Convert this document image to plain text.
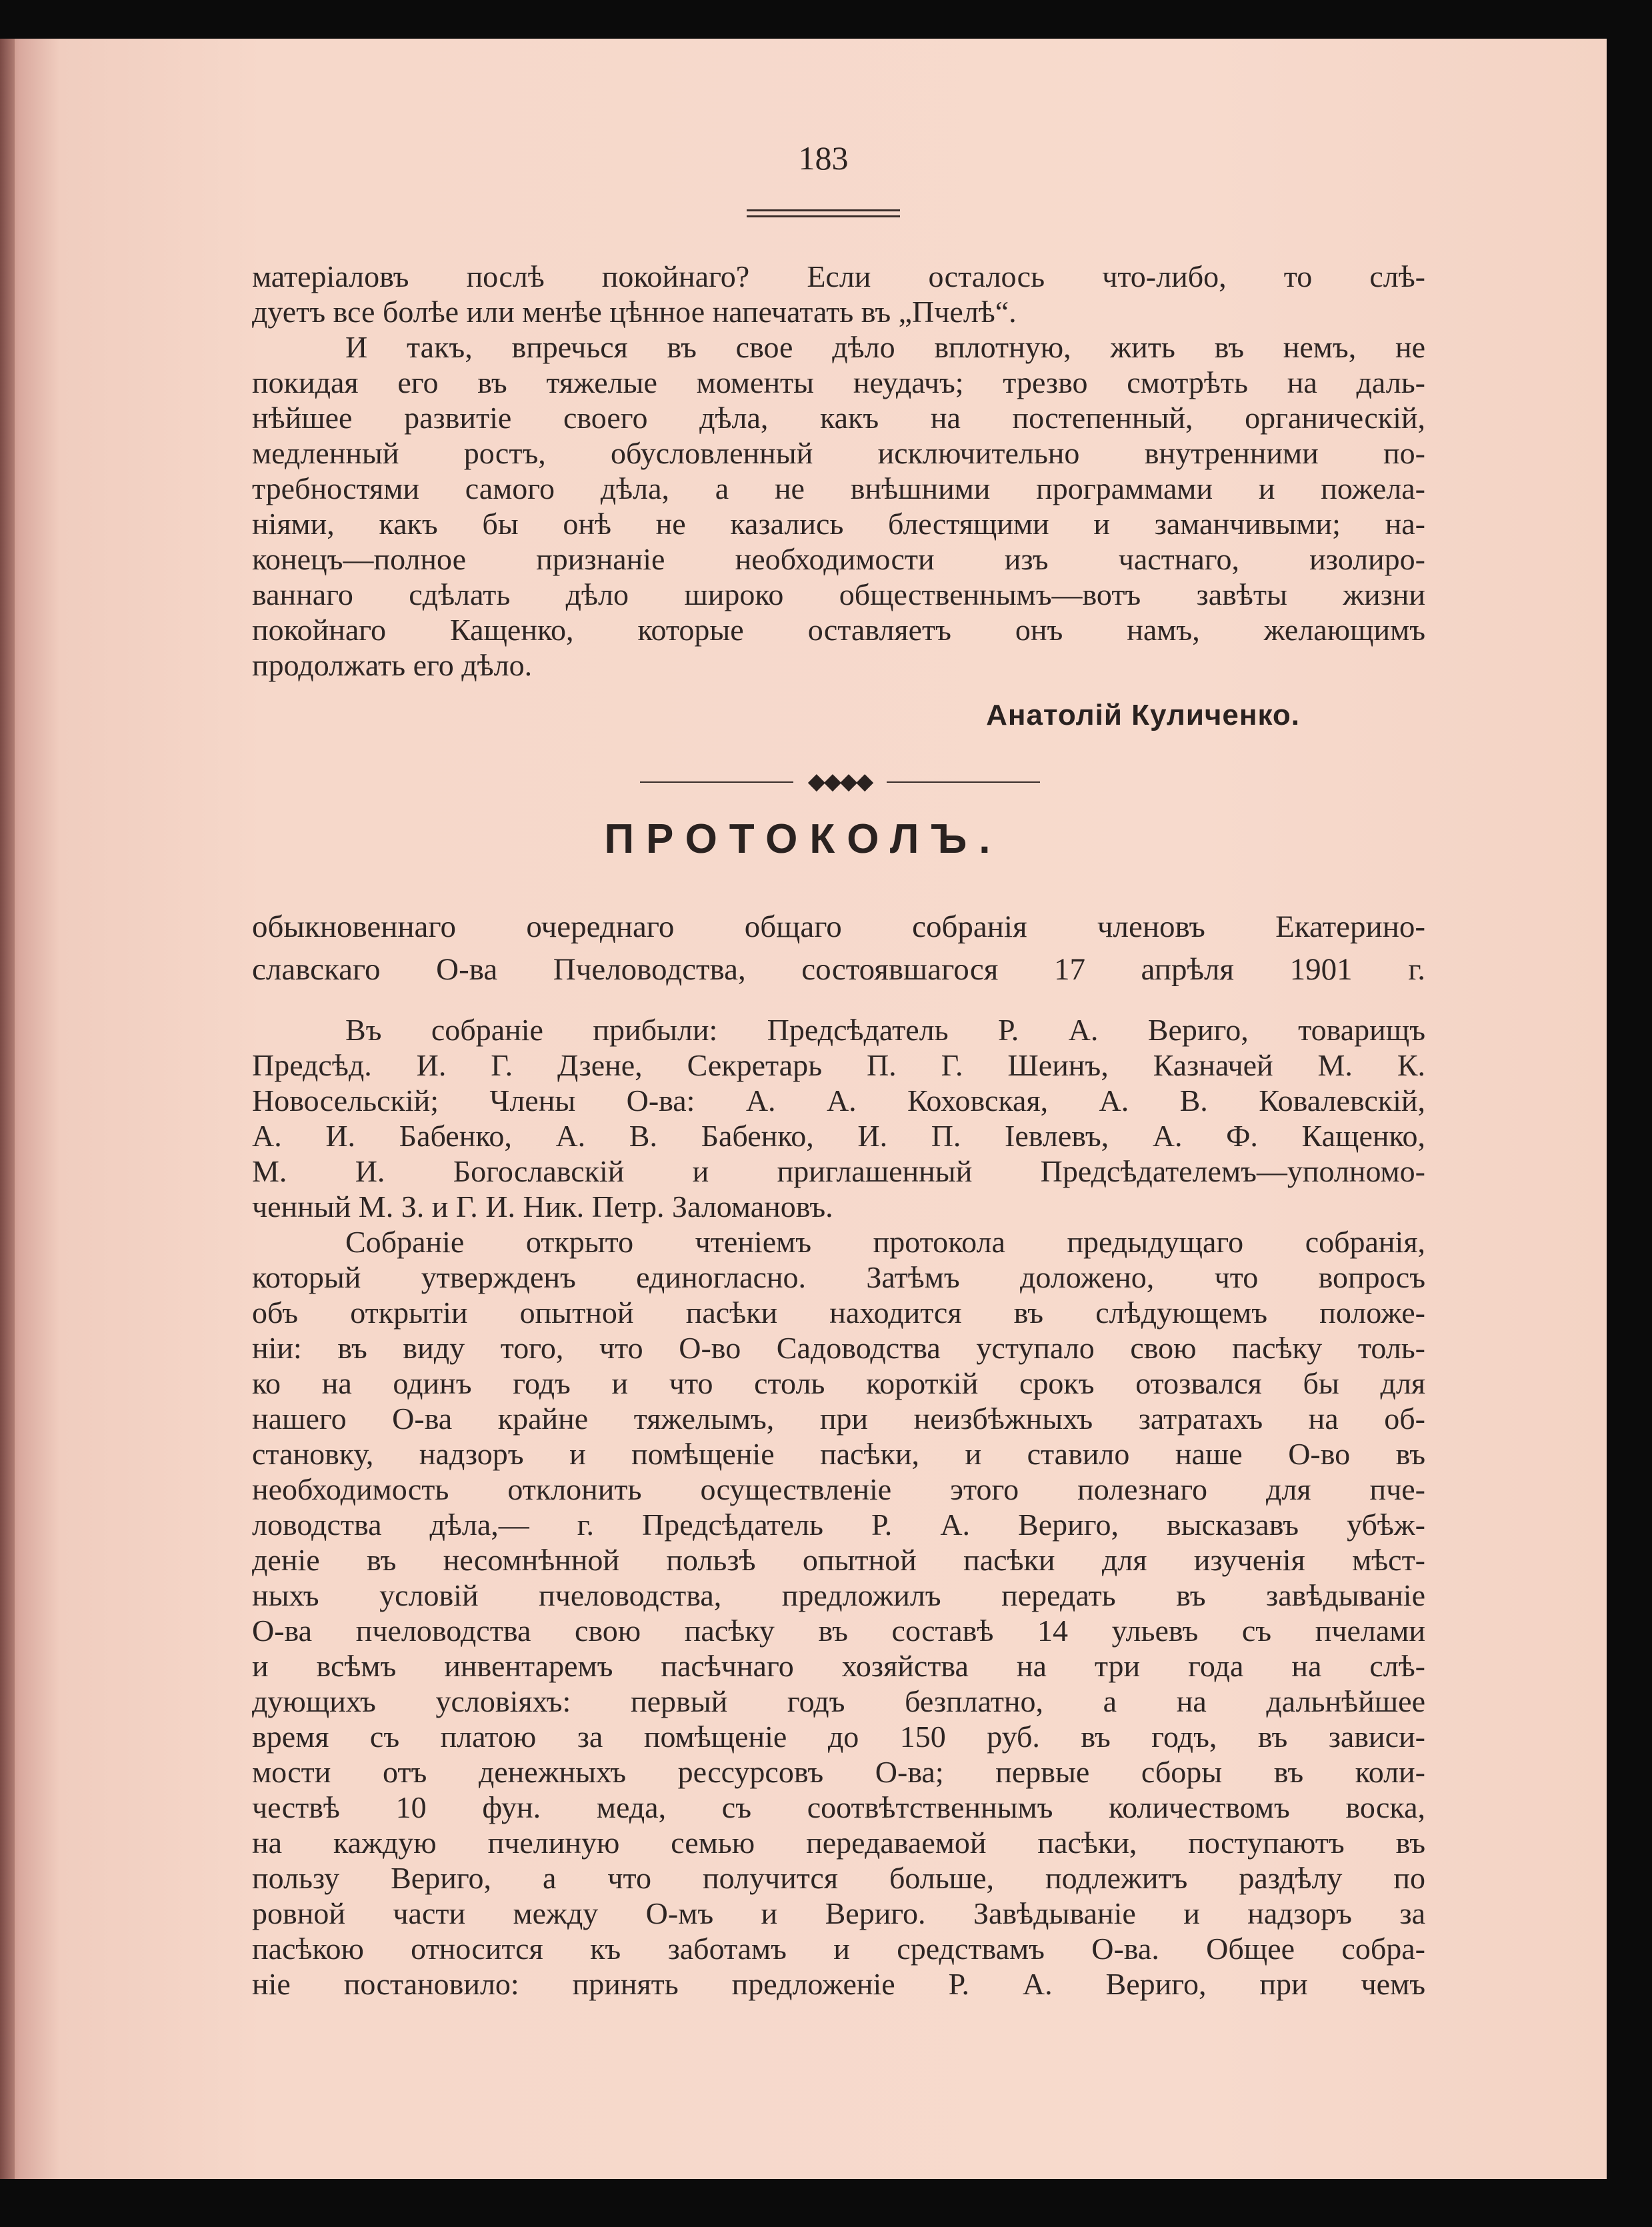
183
матеріаловъ послѣ покойнаго? Если осталось что-либо, то слѣ-
дуетъ все болѣе или менѣе цѣнное напечатать въ „Пчелѣ“.
И такъ, впречься въ свое дѣло вплотную, жить въ немъ, не
покидая его въ тяжелые моменты неудачъ; трезво смотрѣть на даль-
нѣйшее развитіе своего дѣла, какъ на постепенный, органическій,
медленный ростъ, обусловленный исключительно внутренними по-
требностями самого дѣла, а не внѣшними программами и пожела-
ніями, какъ бы онѣ не казались блестящими и заманчивыми; на-
конецъ—полное признаніе необходимости изъ частнаго, изолиро-
ваннаго сдѣлать дѣло широко общественнымъ—вотъ завѣты жизни
покойнаго Кащенко, которые оставляетъ онъ намъ, желающимъ
продолжать его дѣло.
Анатолій Куличенко.
◆◆◆◆
ПРОТОКОЛЪ.
обыкновеннаго очереднаго общаго собранія членовъ Екатерино-
славскаго О-ва Пчеловодства, состоявшагося 17 апрѣля 1901 г.
Въ собраніе прибыли: Предсѣдатель Р. А. Вериго, товарищъ
Предсѣд. И. Г. Дзене, Секретарь П. Г. Шеинъ, Казначей М. К.
Новосельскій; Члены О-ва: А. А. Коховская, А. В. Ковалевскій,
А. И. Бабенко, А. В. Бабенко, И. П. Іевлевъ, А. Ф. Кащенко,
М. И. Богославскій и приглашенный Предсѣдателемъ—уполномо-
ченный М. З. и Г. И. Ник. Петр. Заломановъ.
Собраніе открыто чтеніемъ протокола предыдущаго собранія,
который утвержденъ единогласно. Затѣмъ доложено, что вопросъ
объ открытіи опытной пасѣки находится въ слѣдующемъ положе-
ніи: въ виду того, что О-во Садоводства уступало свою пасѣку толь-
ко на одинъ годъ и что столь короткій срокъ отозвался бы для
нашего О-ва крайне тяжелымъ, при неизбѣжныхъ затратахъ на об-
становку, надзоръ и помѣщеніе пасѣки, и ставило наше О-во въ
необходимость отклонить осуществленіе этого полезнаго для пче-
ловодства дѣла,— г. Предсѣдатель Р. А. Вериго, высказавъ убѣж-
деніе въ несомнѣнной пользѣ опытной пасѣки для изученія мѣст-
ныхъ условій пчеловодства, предложилъ передать въ завѣдываніе
О-ва пчеловодства свою пасѣку въ составѣ 14 ульевъ съ пчелами
и всѣмъ инвентаремъ пасѣчнаго хозяйства на три года на слѣ-
дующихъ условіяхъ: первый годъ безплатно, а на дальнѣйшее
время съ платою за помѣщеніе до 150 руб. въ годъ, въ зависи-
мости отъ денежныхъ рессурсовъ О-ва; первые сборы въ коли-
чествѣ 10 фун. меда, съ соотвѣтственнымъ количествомъ воска,
на каждую пчелиную семью передаваемой пасѣки, поступаютъ въ
пользу Вериго, а что получится больше, подлежитъ раздѣлу по
ровной части между О-мъ и Вериго. Завѣдываніе и надзоръ за
пасѣкою относится къ заботамъ и средствамъ О-ва. Общее собра-
ніе постановило: принять предложеніе Р. А. Вериго, при чемъ
